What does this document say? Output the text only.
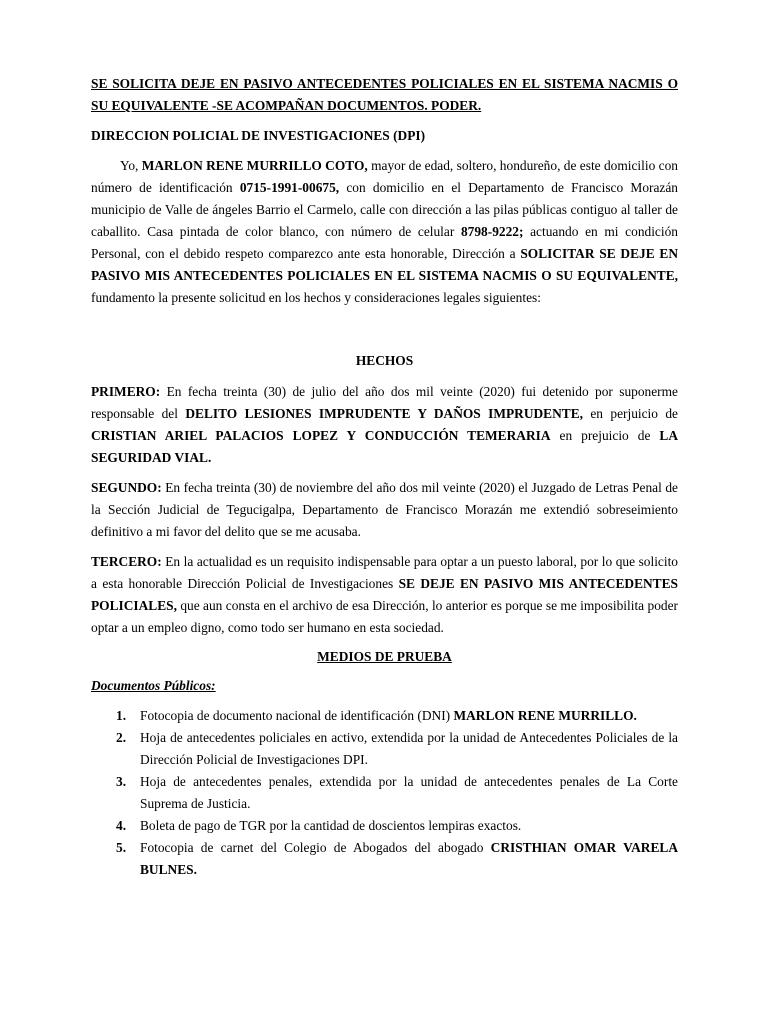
SE SOLICITA DEJE EN PASIVO ANTECEDENTES POLICIALES EN EL SISTEMA NACMIS O SU EQUIVALENTE -SE ACOMPAÑAN DOCUMENTOS. PODER.

DIRECCION POLICIAL DE INVESTIGACIONES (DPI)

Yo, MARLON RENE MURRILLO COTO, mayor de edad, soltero, hondureño, de este domicilio con número de identificación 0715-1991-00675, con domicilio en el Departamento de Francisco Morazán municipio de Valle de ángeles Barrio el Carmelo, calle con dirección a las pilas públicas contiguo al taller de caballito. Casa pintada de color blanco, con número de celular 8798-9222; actuando en mi condición Personal, con el debido respeto comparezco ante esta honorable, Dirección a SOLICITAR SE DEJE EN PASIVO MIS ANTECEDENTES POLICIALES EN EL SISTEMA NACMIS O SU EQUIVALENTE, fundamento la presente solicitud en los hechos y consideraciones legales siguientes:

HECHOS

PRIMERO: En fecha treinta (30) de julio del año dos mil veinte (2020) fui detenido por suponerme responsable del DELITO LESIONES IMPRUDENTE Y DAÑOS IMPRUDENTE, en perjuicio de CRISTIAN ARIEL PALACIOS LOPEZ Y CONDUCCIÓN TEMERARIA en prejuicio de LA SEGURIDAD VIAL.

SEGUNDO: En fecha treinta (30) de noviembre del año dos mil veinte (2020) el Juzgado de Letras Penal de la Sección Judicial de Tegucigalpa, Departamento de Francisco Morazán me extendió sobreseimiento definitivo a mi favor del delito que se me acusaba.

TERCERO: En la actualidad es un requisito indispensable para optar a un puesto laboral, por lo que solicito a esta honorable Dirección Policial de Investigaciones SE DEJE EN PASIVO MIS ANTECEDENTES POLICIALES, que aun consta en el archivo de esa Dirección, lo anterior es porque se me imposibilita poder optar a un empleo digno, como todo ser humano en esta sociedad.

MEDIOS DE PRUEBA

Documentos Públicos:

1. Fotocopia de documento nacional de identificación (DNI) MARLON RENE MURRILLO.
2. Hoja de antecedentes policiales en activo, extendida por la unidad de Antecedentes Policiales de la Dirección Policial de Investigaciones DPI.
3. Hoja de antecedentes penales, extendida por la unidad de antecedentes penales de La Corte Suprema de Justicia.
4. Boleta de pago de TGR por la cantidad de doscientos lempiras exactos.
5. Fotocopia de carnet del Colegio de Abogados del abogado CRISTHIAN OMAR VARELA BULNES.
